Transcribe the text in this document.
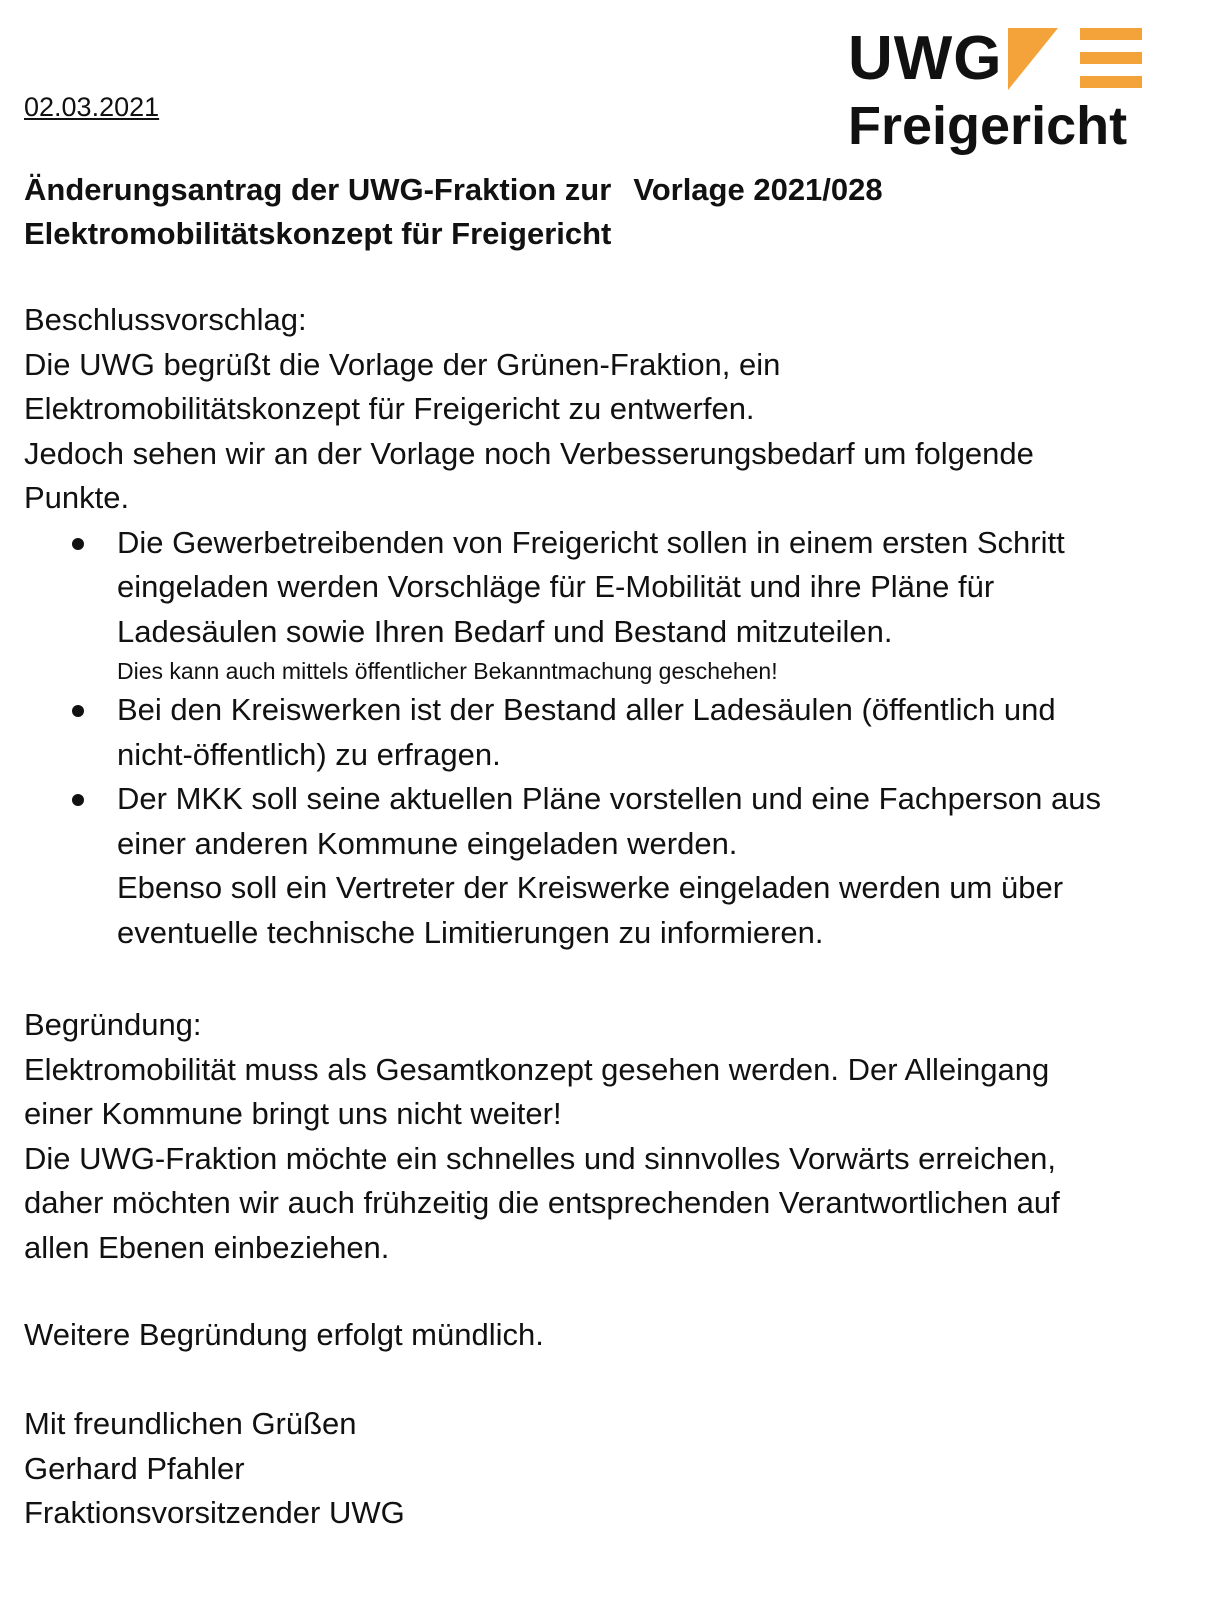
UWG
Freigericht
02.03.2021
Änderungsantrag der UWG-Fraktion zur Vorlage 2021/028
Elektromobilitätskonzept für Freigericht

Beschlussvorschlag:

Die UWG begrüßt die Vorlage der Grünen-Fraktion, ein

Elektromobilitätskonzept für Freigericht zu entwerfen.

Jedoch sehen wir an der Vorlage noch Verbesserungsbedarf um folgende

Punkte.

Die Gewerbetreibenden von Freigericht sollen in einem ersten Schritt
eingeladen werden Vorschläge für E-Mobilität und ihre Pläne für
Ladesäulen sowie Ihren Bedarf und Bestand mitzuteilen.
Dies kann auch mittels öffentlicher Bekanntmachung geschehen!
Bei den Kreiswerken ist der Bestand aller Ladesäulen (öffentlich und
nicht-öffentlich) zu erfragen.
Der MKK soll seine aktuellen Pläne vorstellen und eine Fachperson aus
einer anderen Kommune eingeladen werden.
Ebenso soll ein Vertreter der Kreiswerke eingeladen werden um über
eventuelle technische Limitierungen zu informieren.

Begründung:

Elektromobilität muss als Gesamtkonzept gesehen werden. Der Alleingang

einer Kommune bringt uns nicht weiter!

Die UWG-Fraktion möchte ein schnelles und sinnvolles Vorwärts erreichen,

daher möchten wir auch frühzeitig die entsprechenden Verantwortlichen auf

allen Ebenen einbeziehen.

Weitere Begründung erfolgt mündlich.

Mit freundlichen Grüßen

Gerhard Pfahler

Fraktionsvorsitzender UWG
